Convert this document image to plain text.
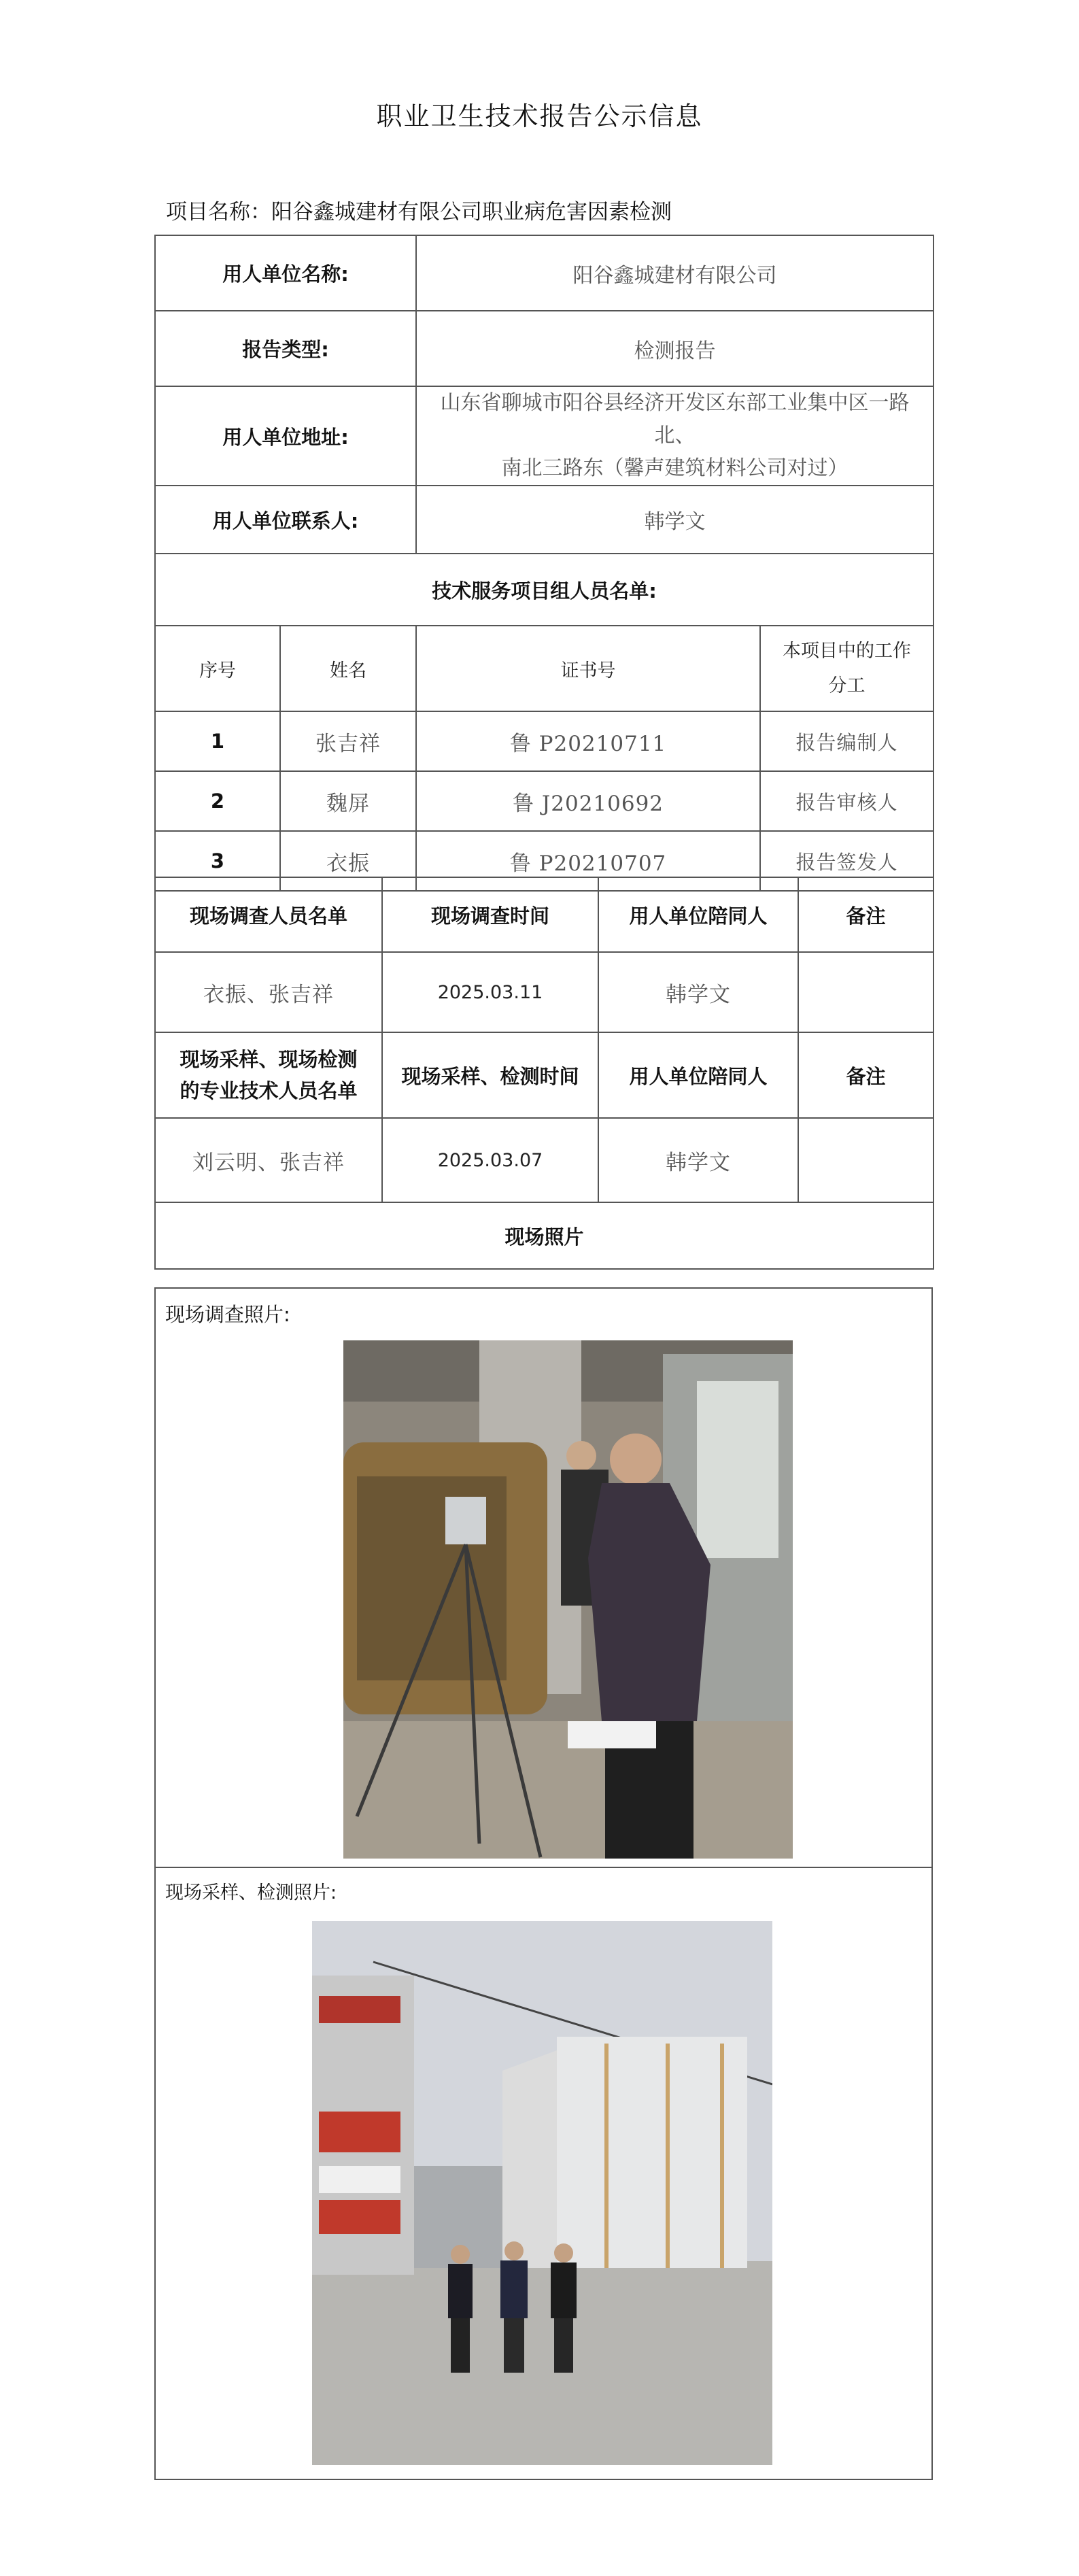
职业卫生技术报告公示信息
项目名称：阳谷鑫城建材有限公司职业病危害因素检测
用人单位名称:		阳谷鑫城建材有限公司	
报告类型:		检测报告	
用人单位地址:		山东省聊城市阳谷县经济开发区东部工业集中区一路北、
南北三路东（馨声建筑材料公司对过）	

用人单位联系人:		韩学文	
技术服务项目组人员名单:			
序号	姓名	证书号	本项目中的工作
分工

1	张吉祥	鲁 P20210711	报告编制人
2	魏屏	鲁 J20210692	报告审核人
3	衣振	鲁 P20210707	报告签发人
现场调查人员名单	现场调查时间	用人单位陪同人	备注
衣振、张吉祥	2025.03.11	韩学文	

现场采样、现场检测
的专业技术人员名单	现场采样、检测时间	用人单位陪同人	备注
刘云明、张吉祥	2025.03.07	韩学文	
现场照片			
现场调查照片:
现场采样、检测照片:
